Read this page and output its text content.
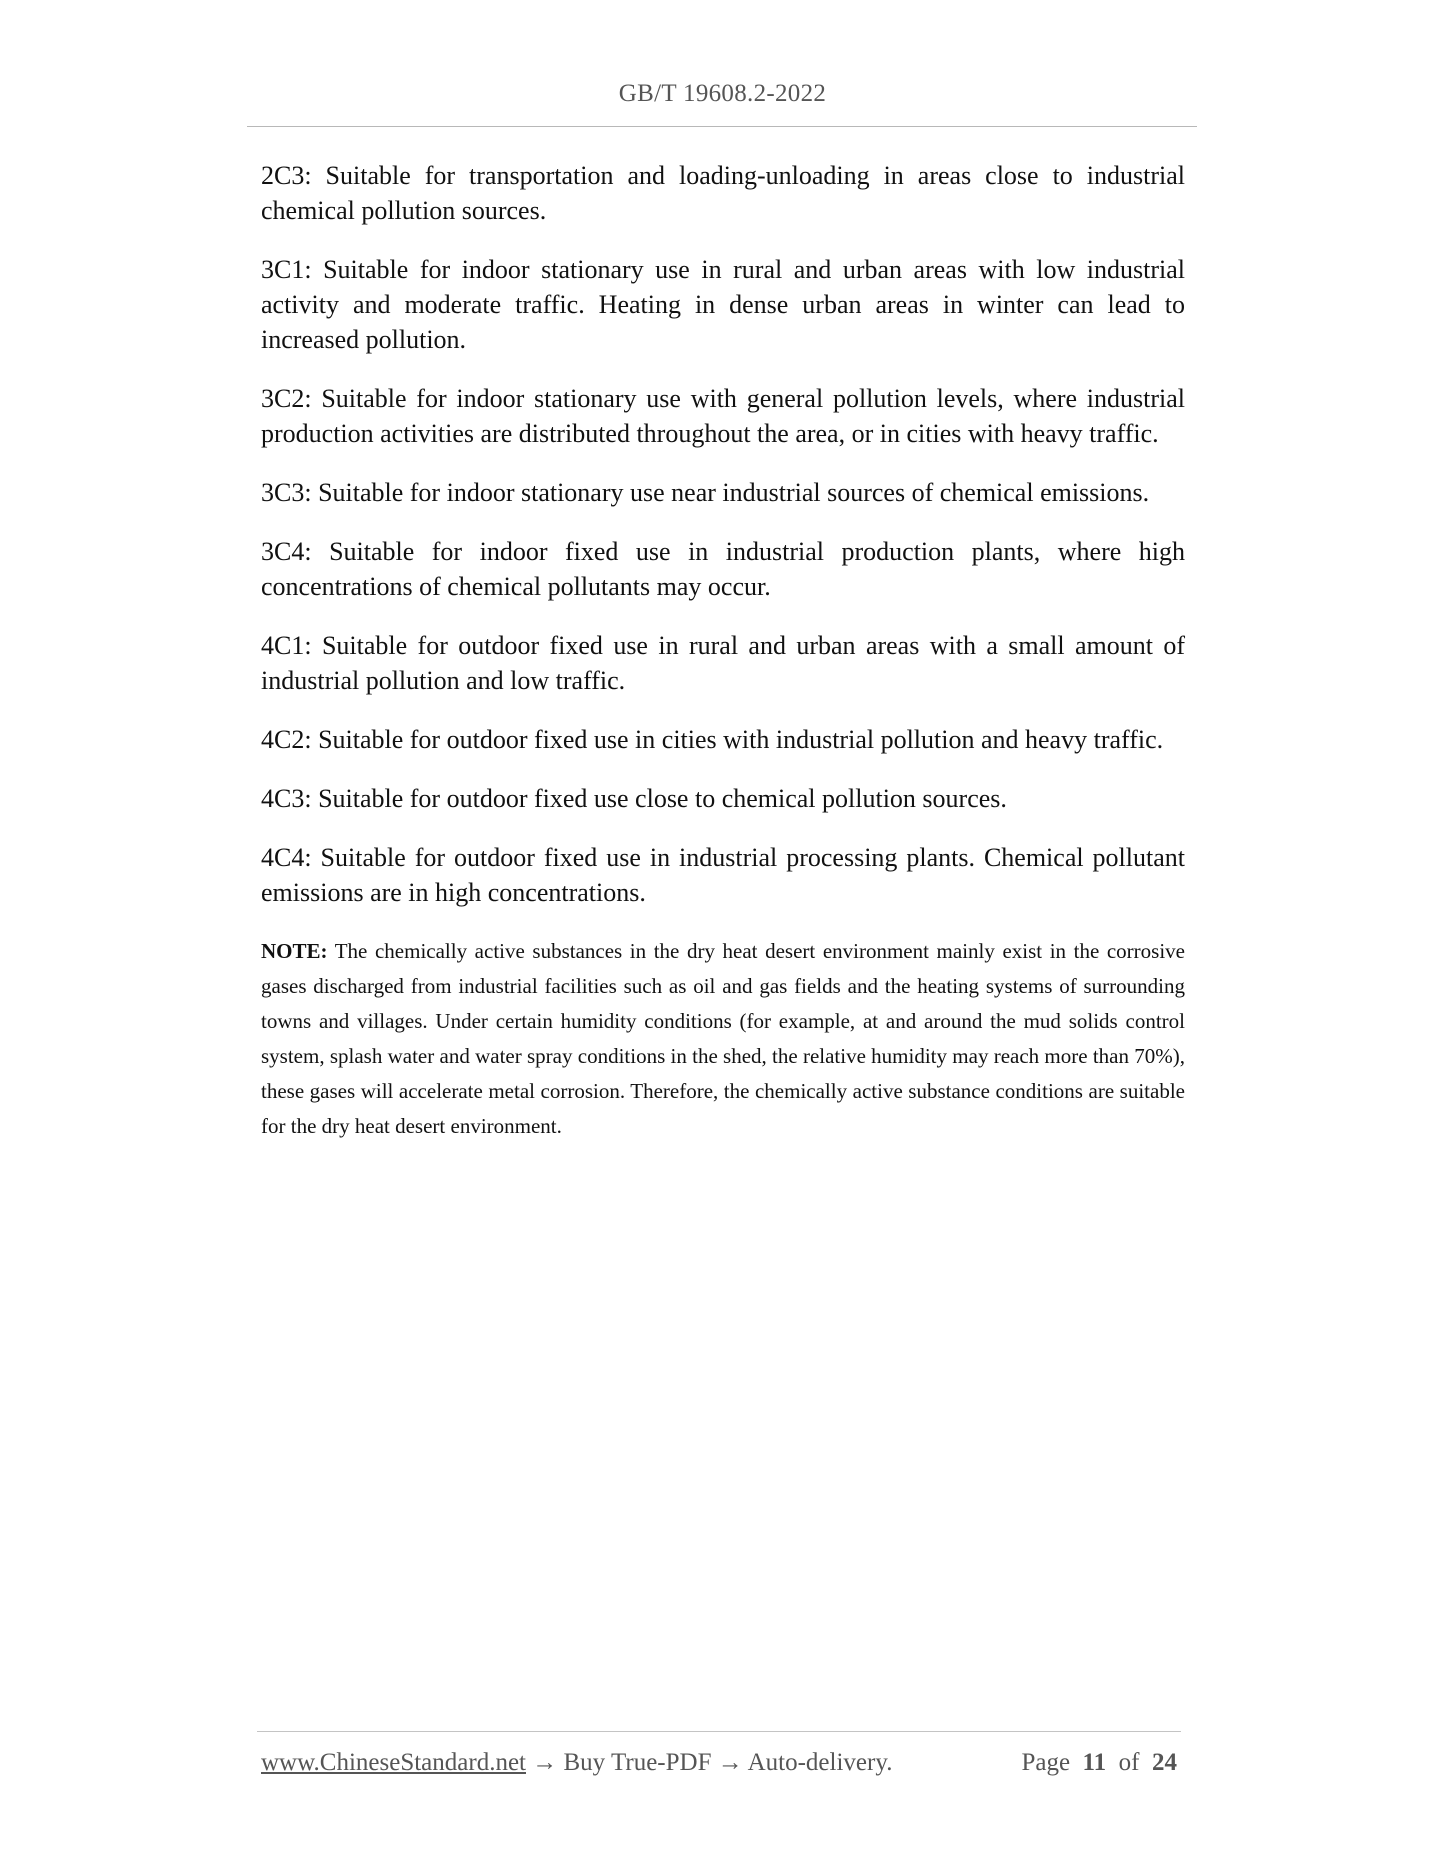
GB/T 19608.2-2022

2C3: Suitable for transportation and loading-unloading in areas close to industrial chemical pollution sources.

3C1: Suitable for indoor stationary use in rural and urban areas with low industrial activity and moderate traffic. Heating in dense urban areas in winter can lead to increased pollution.

3C2: Suitable for indoor stationary use with general pollution levels, where industrial production activities are distributed throughout the area, or in cities with heavy traffic.

3C3: Suitable for indoor stationary use near industrial sources of chemical emissions.

3C4: Suitable for indoor fixed use in industrial production plants, where high concentrations of chemical pollutants may occur.

4C1: Suitable for outdoor fixed use in rural and urban areas with a small amount of industrial pollution and low traffic.

4C2: Suitable for outdoor fixed use in cities with industrial pollution and heavy traffic.

4C3: Suitable for outdoor fixed use close to chemical pollution sources.

4C4: Suitable for outdoor fixed use in industrial processing plants. Chemical pollutant emissions are in high concentrations.

NOTE: The chemically active substances in the dry heat desert environment mainly exist in the corrosive gases discharged from industrial facilities such as oil and gas fields and the heating systems of surrounding towns and villages. Under certain humidity conditions (for example, at and around the mud solids control system, splash water and water spray conditions in the shed, the relative humidity may reach more than 70%), these gases will accelerate metal corrosion. Therefore, the chemically active substance conditions are suitable for the dry heat desert environment.

www.ChineseStandard.net → Buy True-PDF → Auto-delivery.	Page 11 of 24
